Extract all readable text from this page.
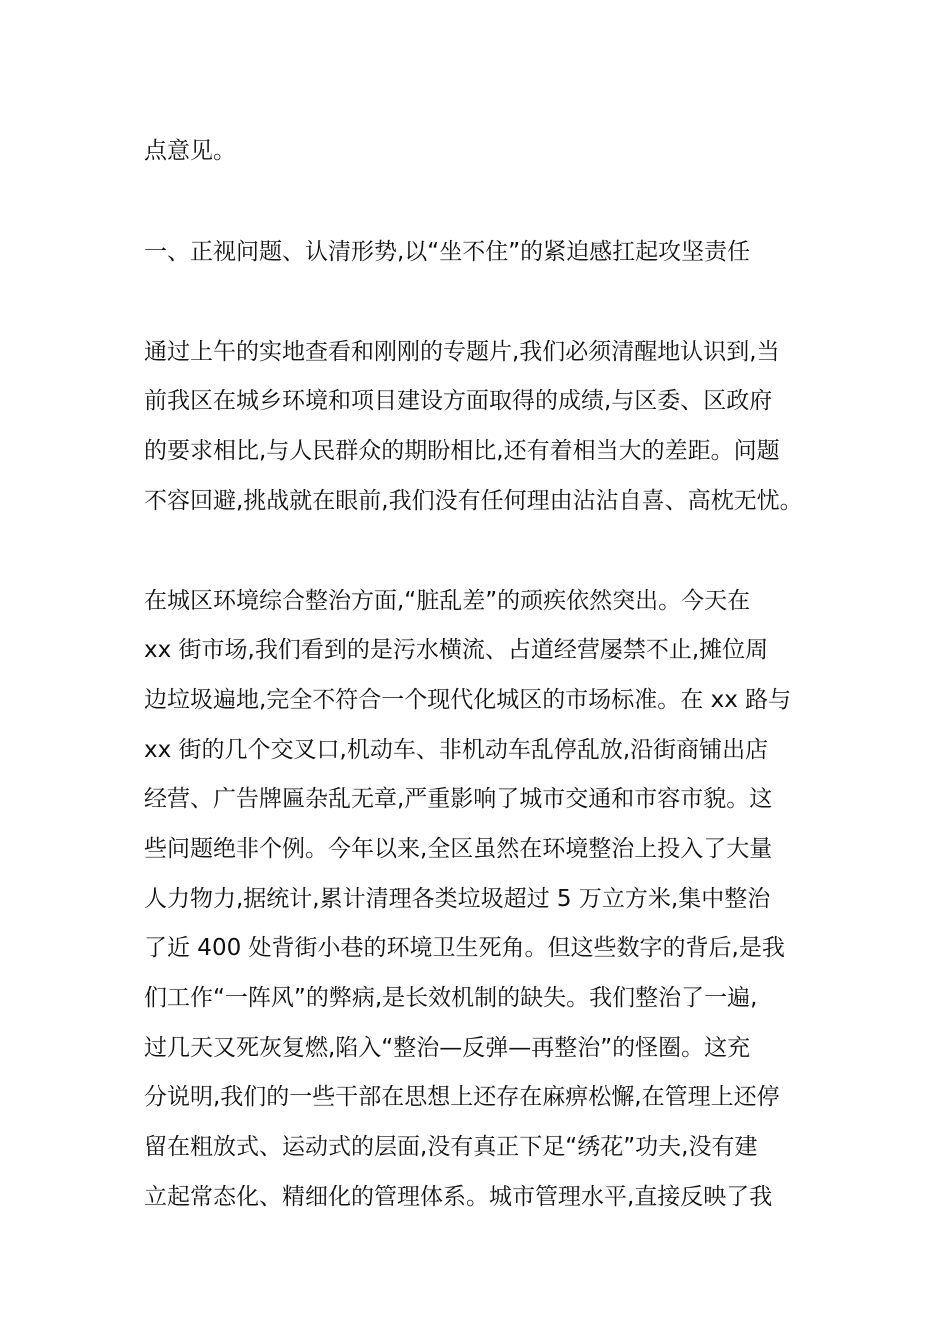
点意见。
一、正视问题、认清形势,以“坐不住”的紧迫感扛起攻坚责任
通过上午的实地查看和刚刚的专题片,我们必须清醒地认识到,当
前我区在城乡环境和项目建设方面取得的成绩,与区委、区政府
的要求相比,与人民群众的期盼相比,还有着相当大的差距。问题
不容回避,挑战就在眼前,我们没有任何理由沾沾自喜、高枕无忧。
在城区环境综合整治方面,“脏乱差”的顽疾依然突出。今天在
xx 街市场,我们看到的是污水横流、占道经营屡禁不止,摊位周
边垃圾遍地,完全不符合一个现代化城区的市场标准。在 xx 路与
xx 街的几个交叉口,机动车、非机动车乱停乱放,沿街商铺出店
经营、广告牌匾杂乱无章,严重影响了城市交通和市容市貌。这
些问题绝非个例。今年以来,全区虽然在环境整治上投入了大量
人力物力,据统计,累计清理各类垃圾超过 5 万立方米,集中整治
了近 400 处背街小巷的环境卫生死角。但这些数字的背后,是我
们工作“一阵风”的弊病,是长效机制的缺失。我们整治了一遍,
过几天又死灰复燃,陷入“整治—反弹—再整治”的怪圈。这充
分说明,我们的一些干部在思想上还存在麻痹松懈,在管理上还停
留在粗放式、运动式的层面,没有真正下足“绣花”功夫,没有建
立起常态化、精细化的管理体系。城市管理水平,直接反映了我
